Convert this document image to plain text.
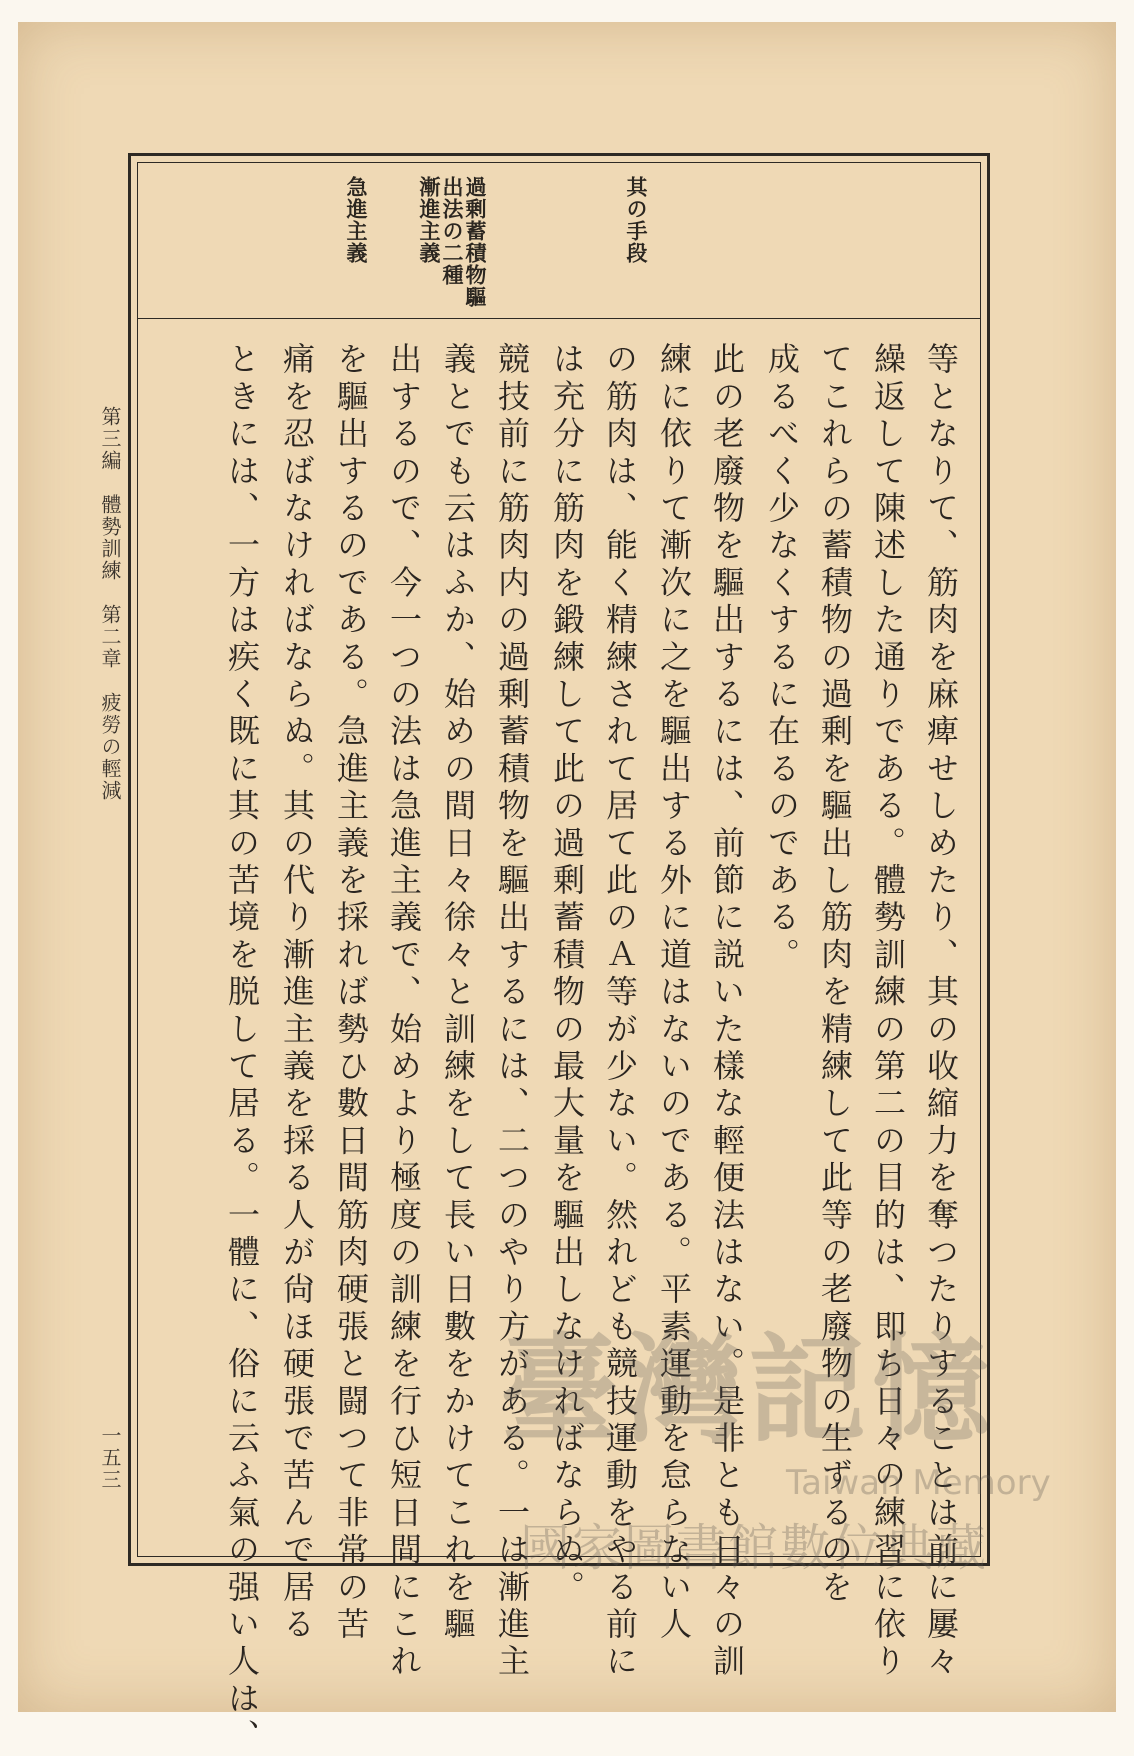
其の手段
過剰蓄積物驅
出法の二種
漸進主義
急進主義
等となりて、筋肉を麻痺せしめたり、其の收縮力を奪つたりすることは前に屢々
繰返して陳述した通りである。體勢訓練の第二の目的は、即ち日々の練習に依り
てこれらの蓄積物の過剰を驅出し筋肉を精練して此等の老廢物の生ずるのを
成るべく少なくするに在るのである。
此の老廢物を驅出するには、前節に説いた樣な輕便法はない。是非とも日々の訓
練に依りて漸次に之を驅出する外に道はないのである。平素運動を怠らない人
の筋肉は、能く精練されて居て此のＡ等が少ない。然れども競技運動をやる前に
は充分に筋肉を鍛練して此の過剰蓄積物の最大量を驅出しなければならぬ。
競技前に筋肉内の過剰蓄積物を驅出するには、二つのやり方がある。一は漸進主
義とでも云はふか、始めの間日々徐々と訓練をして長い日數をかけてこれを驅
出するので、今一つの法は急進主義で、始めより極度の訓練を行ひ短日間にこれ
を驅出するのである。急進主義を採れば勢ひ數日間筋肉硬張と闘つて非常の苦
痛を忍ばなければならぬ。其の代り漸進主義を採る人が尙ほ硬張で苦んで居る
ときには、一方は疾く既に其の苦境を脱して居る。一體に、俗に云ふ氣の强い人は、
第三編　體勢訓練　第二章　疲勞の輕減
一五三	臺灣記憶
Taiwan Memory
國家圖書館數位典藏
